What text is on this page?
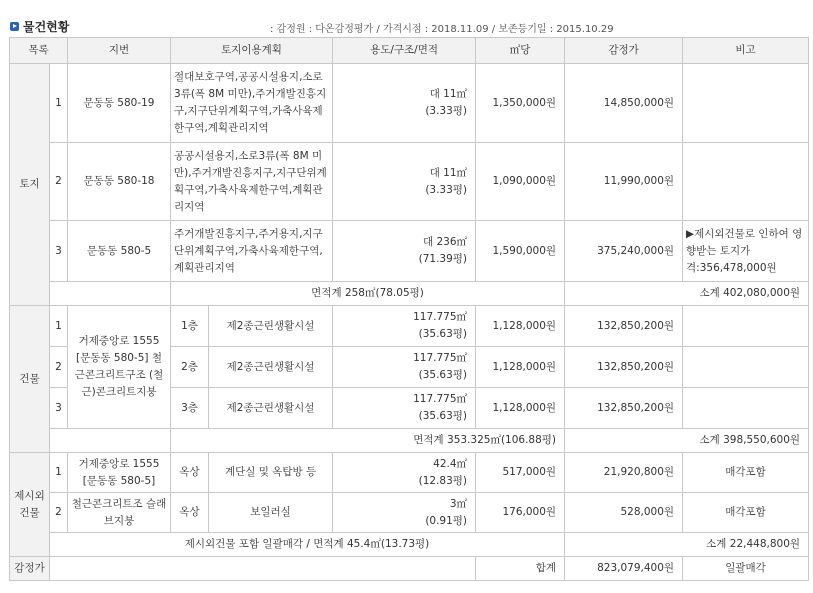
물건현황	: 감정원 : 다온감정평가 / 가격시점 : 2018.11.09 / 보존등기일 : 2015.10.29
목록		지번	토지이용계획		용도/구조/면적	㎡당	감정가	비고	
토지	1	문동동 580-19	절대보호구역,공공시설용지,소로3류(폭 8M 미만),주거개발진흥지구,지구단위계획구역,가축사육제한구역,계획관리지역		대 11㎡
(3.33평)	1,350,000원	14,850,000원		
	2	문동동 580-18	공공시설용지,소로3류(폭 8M 미만),주거개발진흥지구,지구단위계획구역,가축사육제한구역,계획관리지역		대 11㎡
(3.33평)	1,090,000원	11,990,000원		
	3	문동동 580-5	주거개발진흥지구,주거용지,지구단위계획구역,가축사육제한구역,계획관리지역		대 236㎡
(71.39평)	1,590,000원	375,240,000원	▶제시외건물로 인하여 영향받는 토지가격:356,478,000원	
			면적계 258㎡(78.05평)				소계 402,080,000원		
건물	1	거제중앙로 1555 [문동동 580-5] 철근콘크리트구조 (철근)콘크리트지붕	1층	제2종근린생활시설	117.775㎡
(35.63평)	1,128,000원	132,850,200원		
	2		2층	제2종근린생활시설	117.775㎡
(35.63평)	1,128,000원	132,850,200원		
	3		3층	제2종근린생활시설	117.775㎡
(35.63평)	1,128,000원	132,850,200원		
			면적계 353.325㎡(106.88평)				소계 398,550,600원		
제시외건물	1	거제중앙로 1555 [문동동 580-5]	옥상	계단실 및 옥탑방 등	42.4㎡
(12.83평)	517,000원	21,920,800원	매각포함	
	2	철근콘크리트조 슬래브지붕	옥상	보일러실	3㎡
(0.91평)	176,000원	528,000원	매각포함	
	제시외건물 포함 일괄매각 / 면적계 45.4㎡(13.73평)						소계 22,448,800원		
감정가						합계	823,079,400원	일괄매각	
